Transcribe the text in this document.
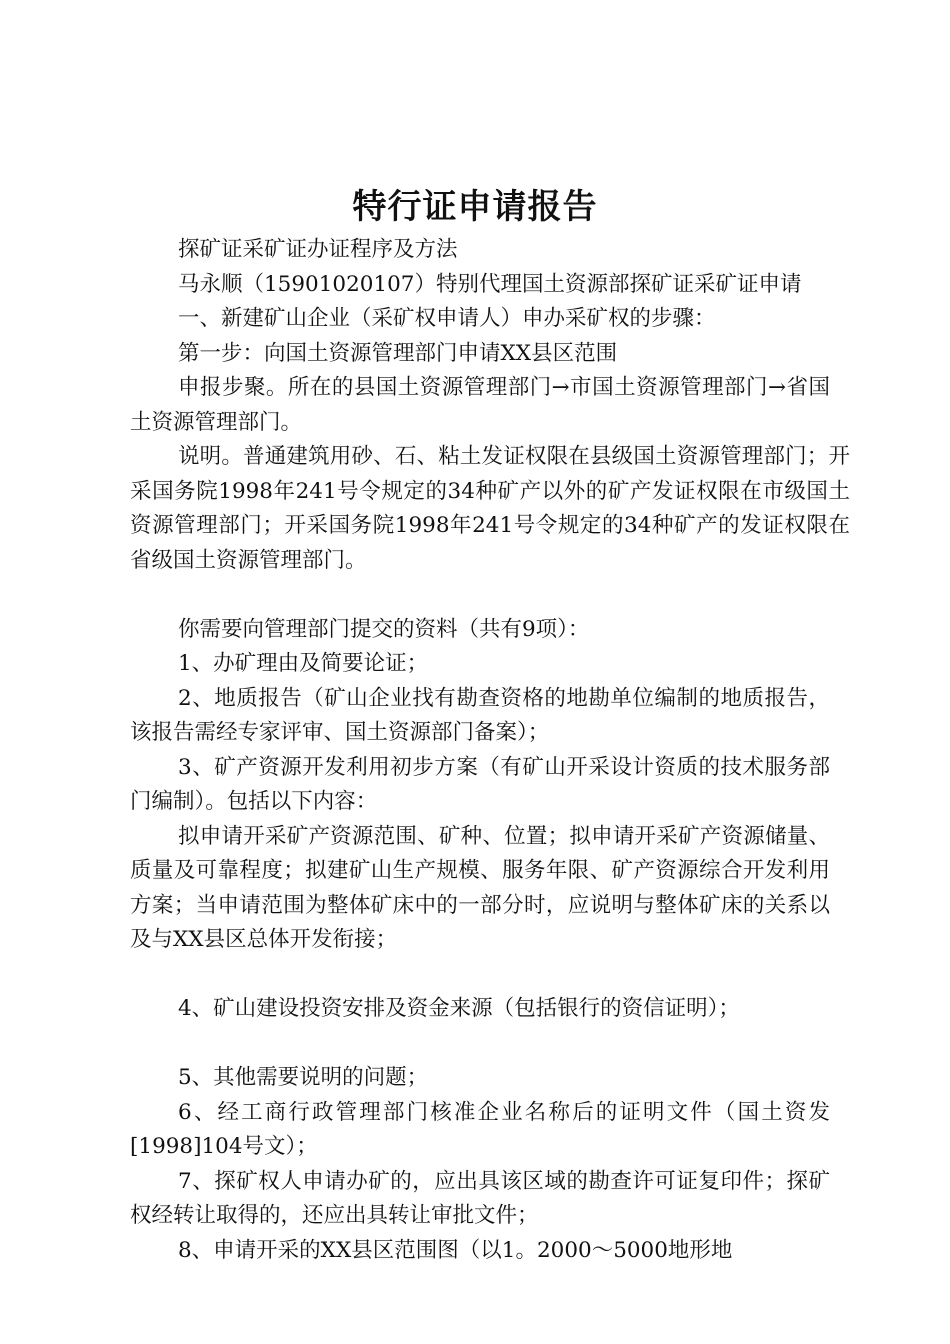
特行证申请报告

探矿证采矿证办证程序及方法

马永顺（15901020107）特别代理国土资源部探矿证采矿证申请

一、新建矿山企业（采矿权申请人）申办采矿权的步骤：

第一步：向国土资源管理部门申请XX县区范围

申报步聚。所在的县国土资源管理部门→市国土资源管理部门→省国土资源管理部门。

说明。普通建筑用砂、石、粘土发证权限在县级国土资源管理部门；开采国务院1998年241号令规定的34种矿产以外的矿产发证权限在市级国土资源管理部门；开采国务院1998年241号令规定的34种矿产的发证权限在省级国土资源管理部门。

你需要向管理部门提交的资料（共有9项）：

1、办矿理由及简要论证；

2、地质报告（矿山企业找有勘查资格的地勘单位编制的地质报告，该报告需经专家评审、国土资源部门备案）；

3、矿产资源开发利用初步方案（有矿山开采设计资质的技术服务部门编制）。包括以下内容：

拟申请开采矿产资源范围、矿种、位置；拟申请开采矿产资源储量、质量及可靠程度；拟建矿山生产规模、服务年限、矿产资源综合开发利用方案；当申请范围为整体矿床中的一部分时，应说明与整体矿床的关系以及与XX县区总体开发衔接；

4、矿山建设投资安排及资金来源（包括银行的资信证明）；

5、其他需要说明的问题；

6、经工商行政管理部门核准企业名称后的证明文件（国土资发[1998]104号文）；

7、探矿权人申请办矿的，应出具该区域的勘查许可证复印件；探矿权经转让取得的，还应出具转让审批文件；

8、申请开采的XX县区范围图（以1。2000～5000地形地
